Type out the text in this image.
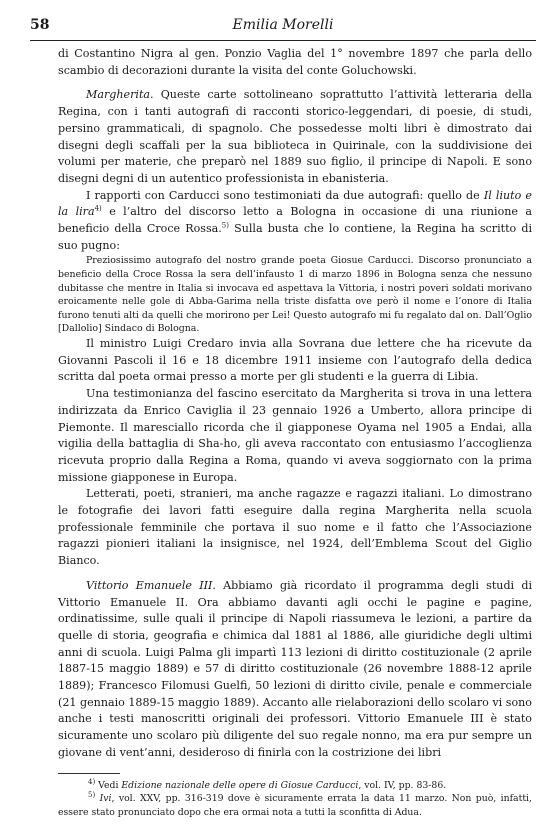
58	Emilia Morelli

di Costantino Nigra al gen. Ponzio Vaglia del 1° novembre 1897 che parla dello scambio di decorazioni durante la visita del conte Goluchowski.

Margherita. Queste carte sottolineano soprattutto l’attività letteraria della Regina, con i tanti autografi di racconti storico-leggendari, di poesie, di studi, persino grammaticali, di spagnolo. Che possedesse molti libri è dimostrato dai disegni degli scaffali per la sua biblioteca in Quirinale, con la suddivisione dei volumi per materie, che preparò nel 1889 suo figlio, il principe di Napoli. E sono disegni degni di un autentico professionista in ebanisteria.

I rapporti con Carducci sono testimoniati da due autografi: quello de Il liuto e la lira$^{4)}$ e l’altro del discorso letto a Bologna in occasione di una riunione a beneficio della Croce Rossa.$^{5)}$ Sulla busta che lo contiene, la Regina ha scritto di suo pugno:

Preziosissimo autografo del nostro grande poeta Giosue Carducci. Discorso pronunciato a beneficio della Croce Rossa la sera dell’infausto 1 di marzo 1896 in Bologna senza che nessuno dubitasse che mentre in Italia si invocava ed aspettava la Vittoria, i nostri poveri soldati morivano eroicamente nelle gole di Abba-Garima nella triste disfatta ove però il nome e l’onore di Italia furono tenuti alti da quelli che morirono per Lei! Questo autografo mi fu regalato dal on. Dall’Oglio [Dallolio] Sindaco di Bologna.

Il ministro Luigi Credaro invia alla Sovrana due lettere che ha ricevute da Giovanni Pascoli il 16 e 18 dicembre 1911 insieme con l’autografo della dedica scritta dal poeta ormai presso a morte per gli studenti e la guerra di Libia.

Una testimonianza del fascino esercitato da Margherita si trova in una lettera indirizzata da Enrico Caviglia il 23 gennaio 1926 a Umberto, allora principe di Piemonte. Il maresciallo ricorda che il giapponese Oyama nel 1905 a Endai, alla vigilia della battaglia di Sha-ho, gli aveva raccontato con entusiasmo l’accoglienza ricevuta proprio dalla Regina a Roma, quando vi aveva soggiornato con la prima missione giapponese in Europa.

Letterati, poeti, stranieri, ma anche ragazze e ragazzi italiani. Lo dimostrano le fotografie dei lavori fatti eseguire dalla regina Margherita nella scuola professionale femminile che portava il suo nome e il fatto che l’Associazione ragazzi pionieri italiani la insignisce, nel 1924, dell’Emblema Scout del Giglio Bianco.

Vittorio Emanuele III. Abbiamo già ricordato il programma degli studi di Vittorio Emanuele II. Ora abbiamo davanti agli occhi le pagine e pagine, ordinatissime, sulle quali il principe di Napoli riassumeva le lezioni, a partire da quelle di storia, geografia e chimica dal 1881 al 1886, alle giuridiche degli ultimi anni di scuola. Luigi Palma gli impartì 113 lezioni di diritto costituzionale (2 aprile 1887-15 maggio 1889) e 57 di diritto costituzionale (26 novembre 1888-12 aprile 1889); Francesco Filomusi Guelfi, 50 lezioni di diritto civile, penale e commerciale (21 gennaio 1889-15 maggio 1889). Accanto alle rielaborazioni dello scolaro vi sono anche i testi manoscritti originali dei professori. Vittorio Emanuele III è stato sicuramente uno scolaro più diligente del suo regale nonno, ma era pur sempre un giovane di vent’anni, desideroso di finirla con la costrizione dei libri

$^{4)}$ Vedi Edizione nazionale delle opere di Giosue Carducci, vol. IV, pp. 83-86.

$^{5)}$ Ivi, vol. XXV, pp. 316-319 dove è sicuramente errata la data 11 marzo. Non può, infatti, essere stato pronunciato dopo che era ormai nota a tutti la sconfitta di Adua.
